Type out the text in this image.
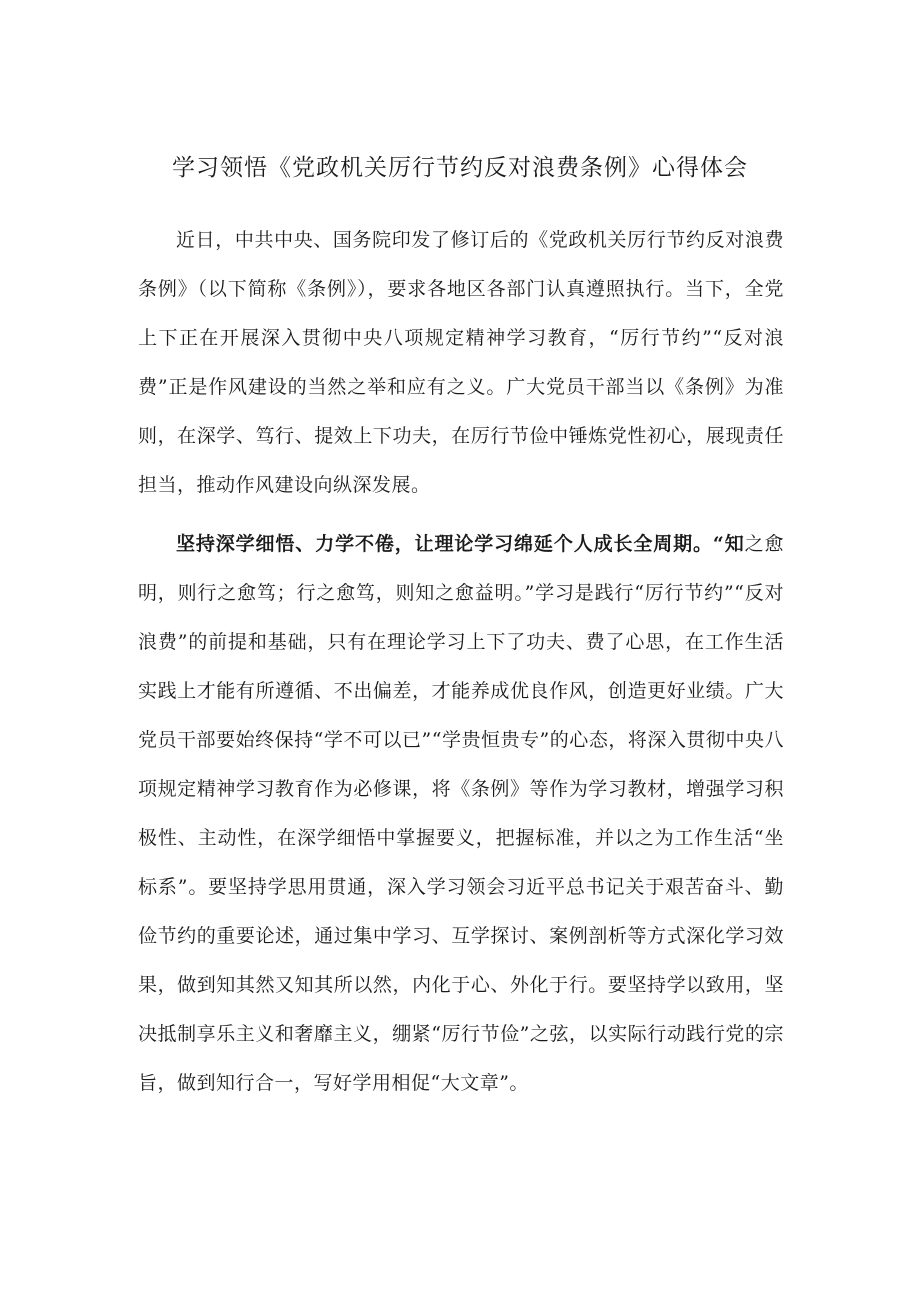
学习领悟《党政机关厉行节约反对浪费条例》心得体会

近日，中共中央、国务院印发了修订后的《党政机关厉行节约反对浪费条例》（以下简称《条例》），要求各地区各部门认真遵照执行。当下，全党上下正在开展深入贯彻中央八项规定精神学习教育，“厉行节约”“反对浪费”正是作风建设的当然之举和应有之义。广大党员干部当以《条例》为准则，在深学、笃行、提效上下功夫，在厉行节俭中锤炼党性初心，展现责任担当，推动作风建设向纵深发展。

坚持深学细悟、力学不倦，让理论学习绵延个人成长全周期。“知之愈明，则行之愈笃；行之愈笃，则知之愈益明。”学习是践行“厉行节约”“反对浪费”的前提和基础，只有在理论学习上下了功夫、费了心思，在工作生活实践上才能有所遵循、不出偏差，才能养成优良作风，创造更好业绩。广大党员干部要始终保持“学不可以已”“学贵恒贵专”的心态，将深入贯彻中央八项规定精神学习教育作为必修课，将《条例》等作为学习教材，增强学习积极性、主动性，在深学细悟中掌握要义，把握标准，并以之为工作生活“坐标系”。要坚持学思用贯通，深入学习领会习近平总书记关于艰苦奋斗、勤俭节约的重要论述，通过集中学习、互学探讨、案例剖析等方式深化学习效果，做到知其然又知其所以然，内化于心、外化于行。要坚持学以致用，坚决抵制享乐主义和奢靡主义，绷紧“厉行节俭”之弦，以实际行动践行党的宗旨，做到知行合一，写好学用相促“大文章”。
